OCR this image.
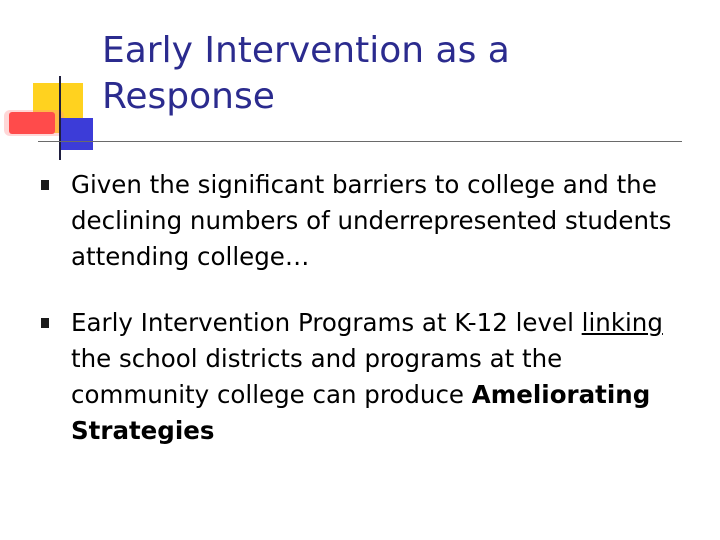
Early Intervention as a
Response
Given the significant barriers to college and the declining numbers of underrepresented students attending college…
Early Intervention Programs at K-12 level linking the school districts and programs at the community college can produce Ameliorating Strategies
